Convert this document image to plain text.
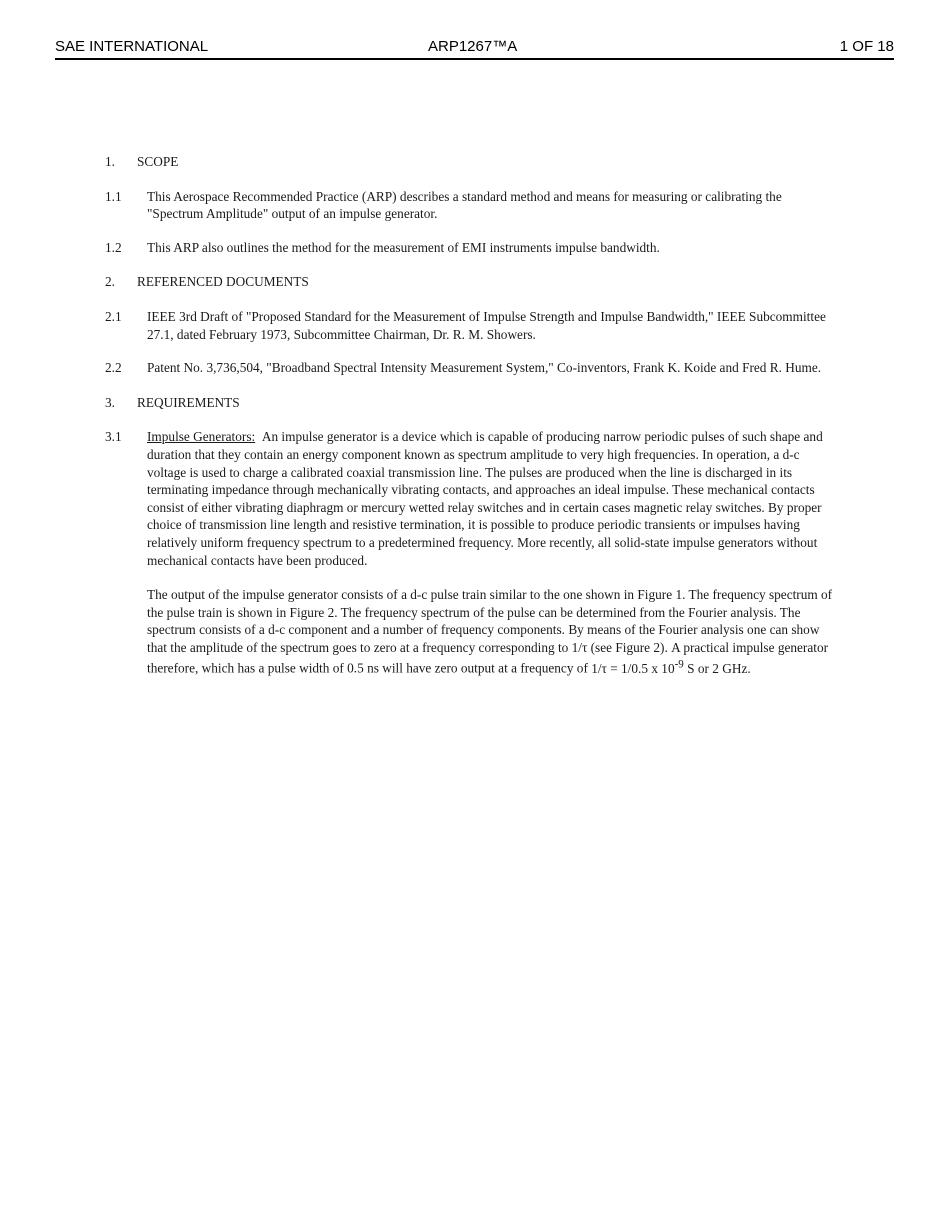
SAE INTERNATIONAL	ARP1267™A	1 OF 18

1. SCOPE

1.1 This Aerospace Recommended Practice (ARP) describes a standard method and means for measuring or calibrating the "Spectrum Amplitude" output of an impulse generator.

1.2 This ARP also outlines the method for the measurement of EMI instruments impulse bandwidth.

2. REFERENCED DOCUMENTS

2.1 IEEE 3rd Draft of "Proposed Standard for the Measurement of Impulse Strength and Impulse Bandwidth," IEEE Subcommittee 27.1, dated February 1973, Subcommittee Chairman, Dr. R. M. Showers.

2.2 Patent No. 3,736,504, "Broadband Spectral Intensity Measurement System," Co-inventors, Frank K. Koide and Fred R. Hume.

3. REQUIREMENTS

3.1 Impulse Generators: An impulse generator is a device which is capable of producing narrow periodic pulses of such shape and duration that they contain an energy component known as spectrum amplitude to very high frequencies. In operation, a d-c voltage is used to charge a calibrated coaxial transmission line. The pulses are produced when the line is discharged in its terminating impedance through mechanically vibrating contacts, and approaches an ideal impulse. These mechanical contacts consist of either vibrating diaphragm or mercury wetted relay switches and in certain cases magnetic relay switches. By proper choice of transmission line length and resistive termination, it is possible to produce periodic transients or impulses having relatively uniform frequency spectrum to a predetermined frequency. More recently, all solid-state impulse generators without mechanical contacts have been produced.

The output of the impulse generator consists of a d-c pulse train similar to the one shown in Figure 1. The frequency spectrum of the pulse train is shown in Figure 2. The frequency spectrum of the pulse can be determined from the Fourier analysis. The spectrum consists of a d-c component and a number of frequency components. By means of the Fourier analysis one can show that the amplitude of the spectrum goes to zero at a frequency corresponding to 1/τ (see Figure 2). A practical impulse generator therefore, which has a pulse width of 0.5 ns will have zero output at a frequency of 1/τ = 1/0.5 x $10^{-9}$ S or 2 GHz.
